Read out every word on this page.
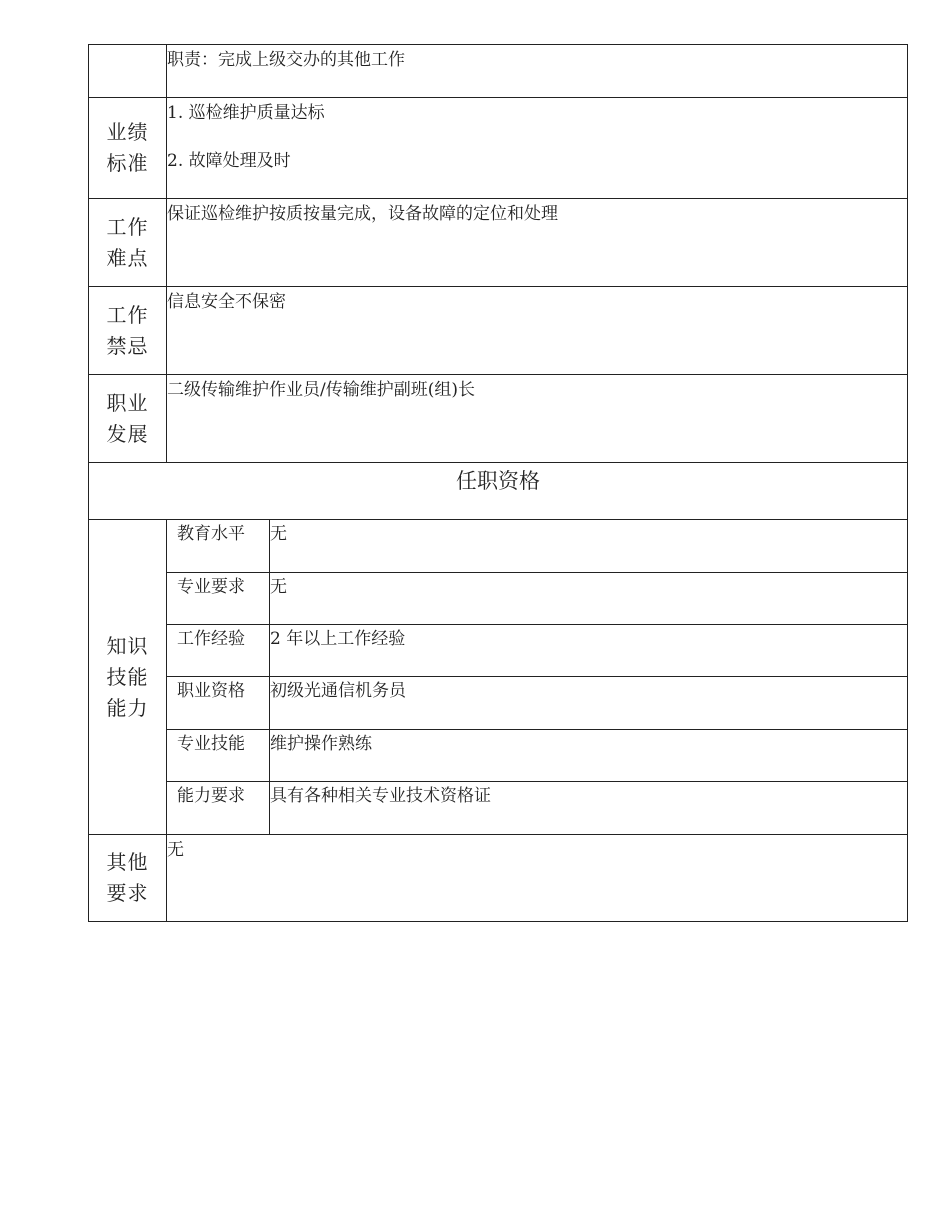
	职责：完成上级交办的其他工作	

业绩
标准	1. 巡检维护质量达标
2. 故障处理及时	

工作
难点	保证巡检维护按质按量完成，设备故障的定位和处理	

工作
禁忌	信息安全不保密	

职业
发展	二级传输维护作业员/传输维护副班(组)长	
任职资格		

知识
技能
能力	教育水平	无
	专业要求	无
	工作经验	2 年以上工作经验
	职业资格	初级光通信机务员
	专业技能	维护操作熟练
	能力要求	具有各种相关专业技术资格证

其他
要求	无	
